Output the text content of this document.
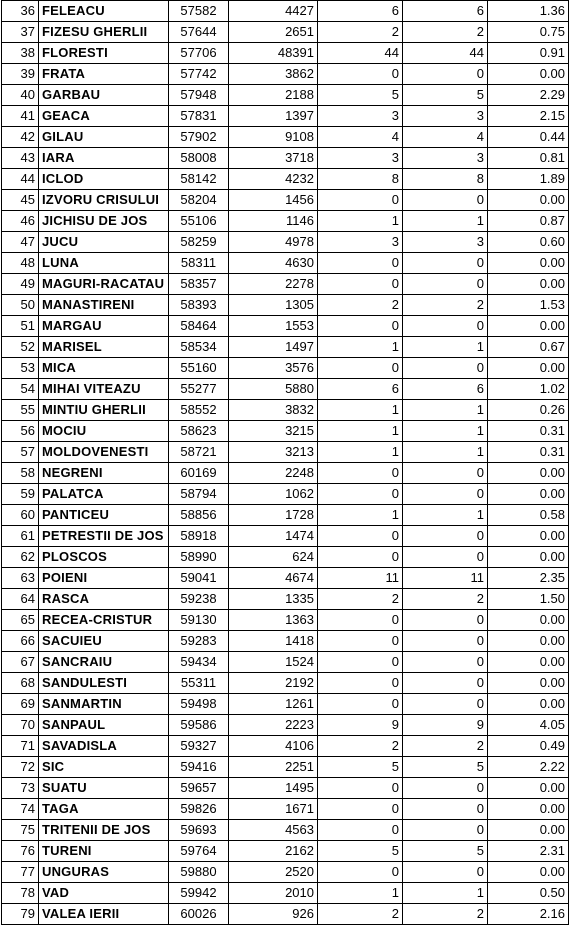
36	FELEACU	57582	4427	6	6	1.36
37	FIZESU GHERLII	57644	2651	2	2	0.75
38	FLORESTI	57706	48391	44	44	0.91
39	FRATA	57742	3862	0	0	0.00
40	GARBAU	57948	2188	5	5	2.29
41	GEACA	57831	1397	3	3	2.15
42	GILAU	57902	9108	4	4	0.44
43	IARA	58008	3718	3	3	0.81
44	ICLOD	58142	4232	8	8	1.89
45	IZVORU CRISULUI	58204	1456	0	0	0.00
46	JICHISU DE JOS	55106	1146	1	1	0.87
47	JUCU	58259	4978	3	3	0.60
48	LUNA	58311	4630	0	0	0.00
49	MAGURI-RACATAU	58357	2278	0	0	0.00
50	MANASTIRENI	58393	1305	2	2	1.53
51	MARGAU	58464	1553	0	0	0.00
52	MARISEL	58534	1497	1	1	0.67
53	MICA	55160	3576	0	0	0.00
54	MIHAI VITEAZU	55277	5880	6	6	1.02
55	MINTIU GHERLII	58552	3832	1	1	0.26
56	MOCIU	58623	3215	1	1	0.31
57	MOLDOVENESTI	58721	3213	1	1	0.31
58	NEGRENI	60169	2248	0	0	0.00
59	PALATCA	58794	1062	0	0	0.00
60	PANTICEU	58856	1728	1	1	0.58
61	PETRESTII DE JOS	58918	1474	0	0	0.00
62	PLOSCOS	58990	624	0	0	0.00
63	POIENI	59041	4674	11	11	2.35
64	RASCA	59238	1335	2	2	1.50
65	RECEA-CRISTUR	59130	1363	0	0	0.00
66	SACUIEU	59283	1418	0	0	0.00
67	SANCRAIU	59434	1524	0	0	0.00
68	SANDULESTI	55311	2192	0	0	0.00
69	SANMARTIN	59498	1261	0	0	0.00
70	SANPAUL	59586	2223	9	9	4.05
71	SAVADISLA	59327	4106	2	2	0.49
72	SIC	59416	2251	5	5	2.22
73	SUATU	59657	1495	0	0	0.00
74	TAGA	59826	1671	0	0	0.00
75	TRITENII DE JOS	59693	4563	0	0	0.00
76	TURENI	59764	2162	5	5	2.31
77	UNGURAS	59880	2520	0	0	0.00
78	VAD	59942	2010	1	1	0.50
79	VALEA IERII	60026	926	2	2	2.16
